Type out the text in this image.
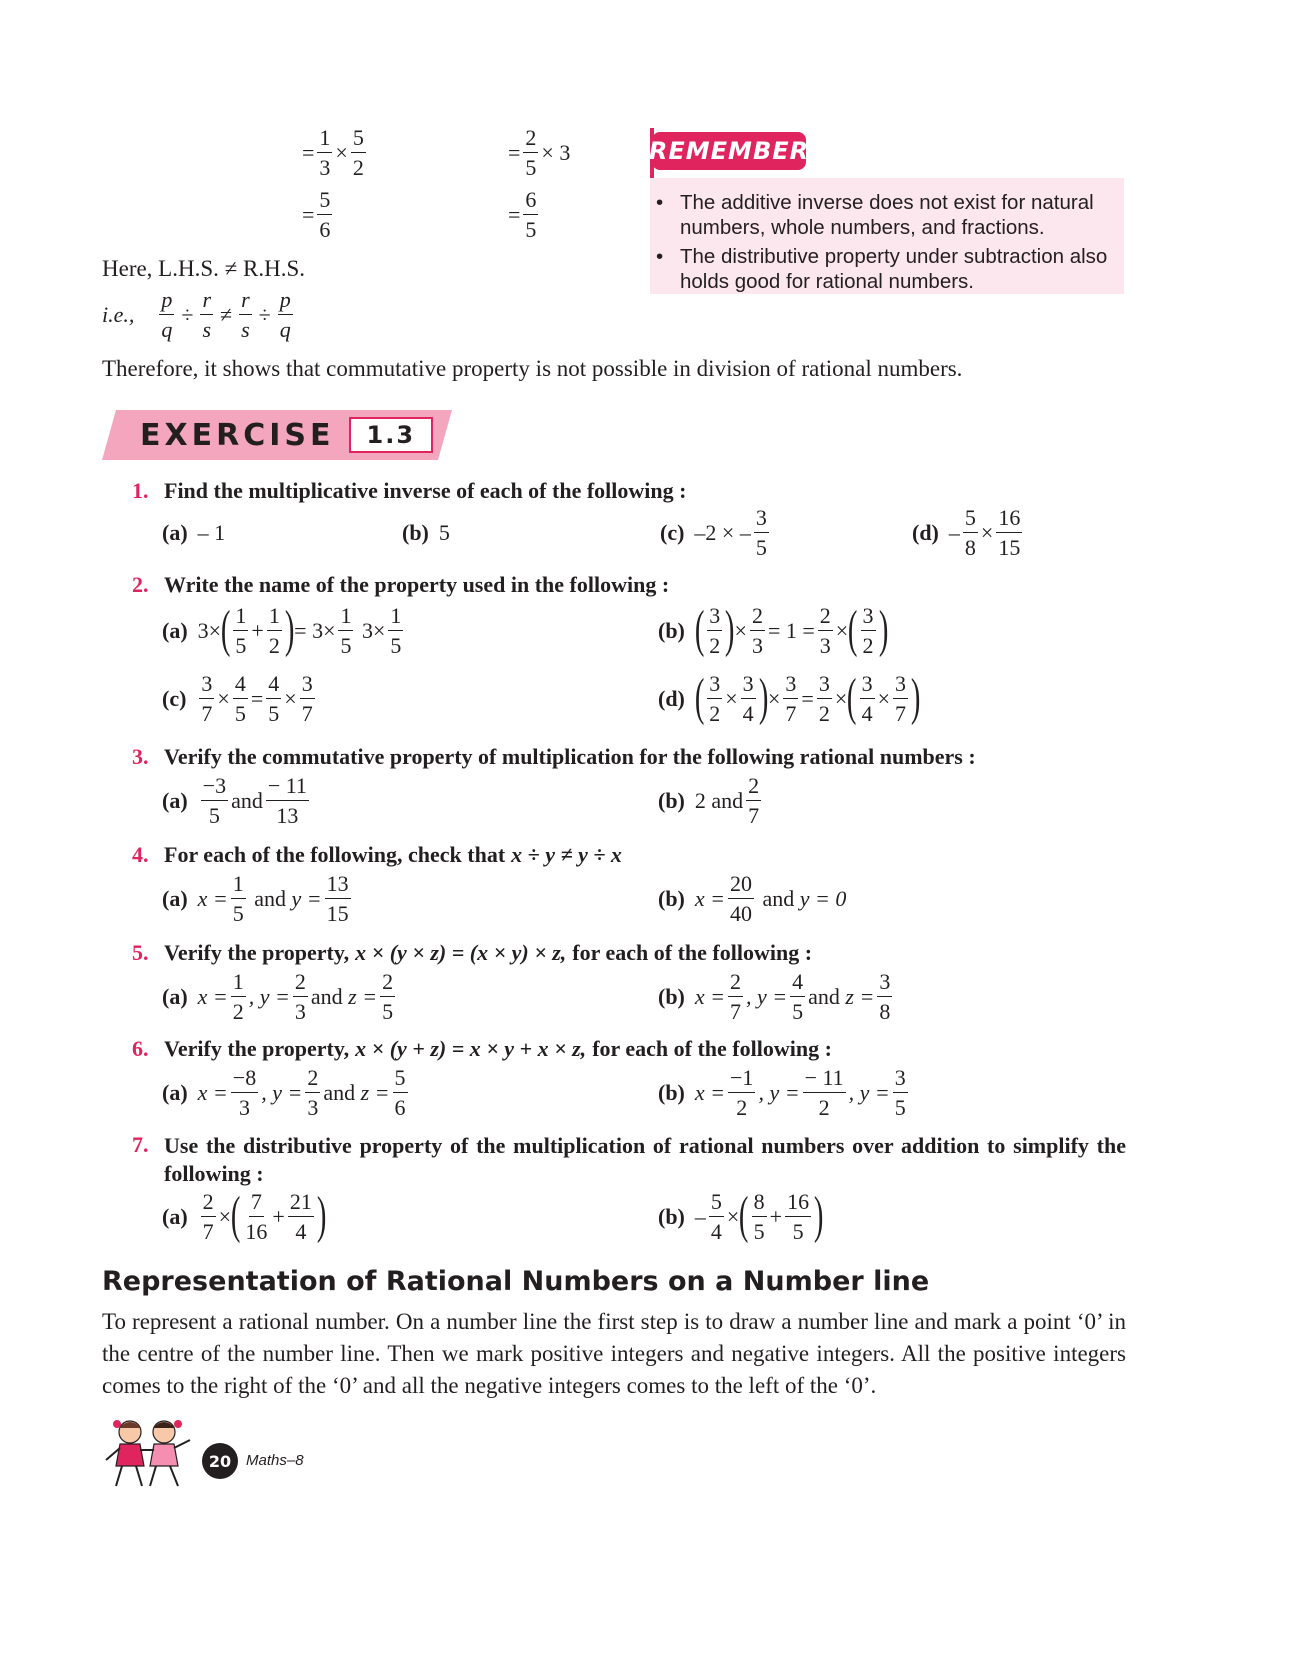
= $\frac{1}{3} \times \frac{5}{2}$
= $\frac{5}{6}$
= $\frac{2}{5} \times 3$
= $\frac{6}{5}$
Here, L.H.S. ≠ R.H.S.
i.e., $\frac{p}{q} \div \frac{r}{s} \ne \frac{r}{s} \div \frac{p}{q}$
Therefore, it shows that commutative property is not possible in division of rational numbers.
• The additive inverse does not exist for natural numbers, whole numbers, and fractions.
• The distributive property under subtraction also holds good for rational numbers.
REMEMBER
EXERCISE	1.3
1. Find the multiplicative inverse of each of the following :
(a) – 1	(b) 5	(c) –2 × –
3
5
$(d) - \frac{5}{8} \times \frac{16}{15}$
2. Write the name of the property used in the following :
(a) 3× ( 1
5
+
1
2 ) = 3×
1
5
3×
1
5
(b) ( 3
2 ) ×
2
3
= 1 =
2
3
× ( 3
2 )
(c)
3
7
×
4
5
=
4
5
×
3
7
(d) ( 3
2
×
3
4 ) ×
3
7
=
3
2
× ( 3
4
×
3
7 )
3. Verify the commutative property of multiplication for the following rational numbers :
(a)
−3
5
and
− 11
13
(b) 2
and
2
7
4. For each of the following, check that x ÷ y ≠ y ÷ x
(a) $x = \frac{1}{5}$
and
$y = \frac{13}{15}$	(b) $x = \frac{20}{40}$
and
y = 0
5. Verify the property, x × (y × z) = (x × y) × z, for each of the following :
(a) $x = \frac{1}{2}$ , $y = \frac{2}{3}$ and
$z = \frac{2}{5}$	(b) $x = \frac{2}{7}$ , $y = \frac{4}{5}$ and
$z = \frac{3}{8}$
6. Verify the property, x × (y + z) = x × y + x × z, for each of the following :
(a) $x = \frac{-8}{3}$ , $y = \frac{2}{3}$ and
$z = \frac{5}{6}$	(b) $x = \frac{-1}{2}$ , $y = \frac{- 11}{2}$ , $y = \frac{3}{5}$
7. Use the distributive property of the multiplication of rational numbers over addition to simplify the following :
(a)
2
7
× ( 7
16
+
21
4 )	(b) –
5
4
× ( 8
5
+
16
5 )
Representation of Rational Numbers on a Number line
To represent a rational number. On a number line the first step is to draw a number line and mark a point ‘0’ in the centre of the number line. Then we mark positive integers and negative integers. All the positive integers comes to the right of the ‘0’ and all the negative integers comes to the left of the ‘0’.
20 Maths–8
